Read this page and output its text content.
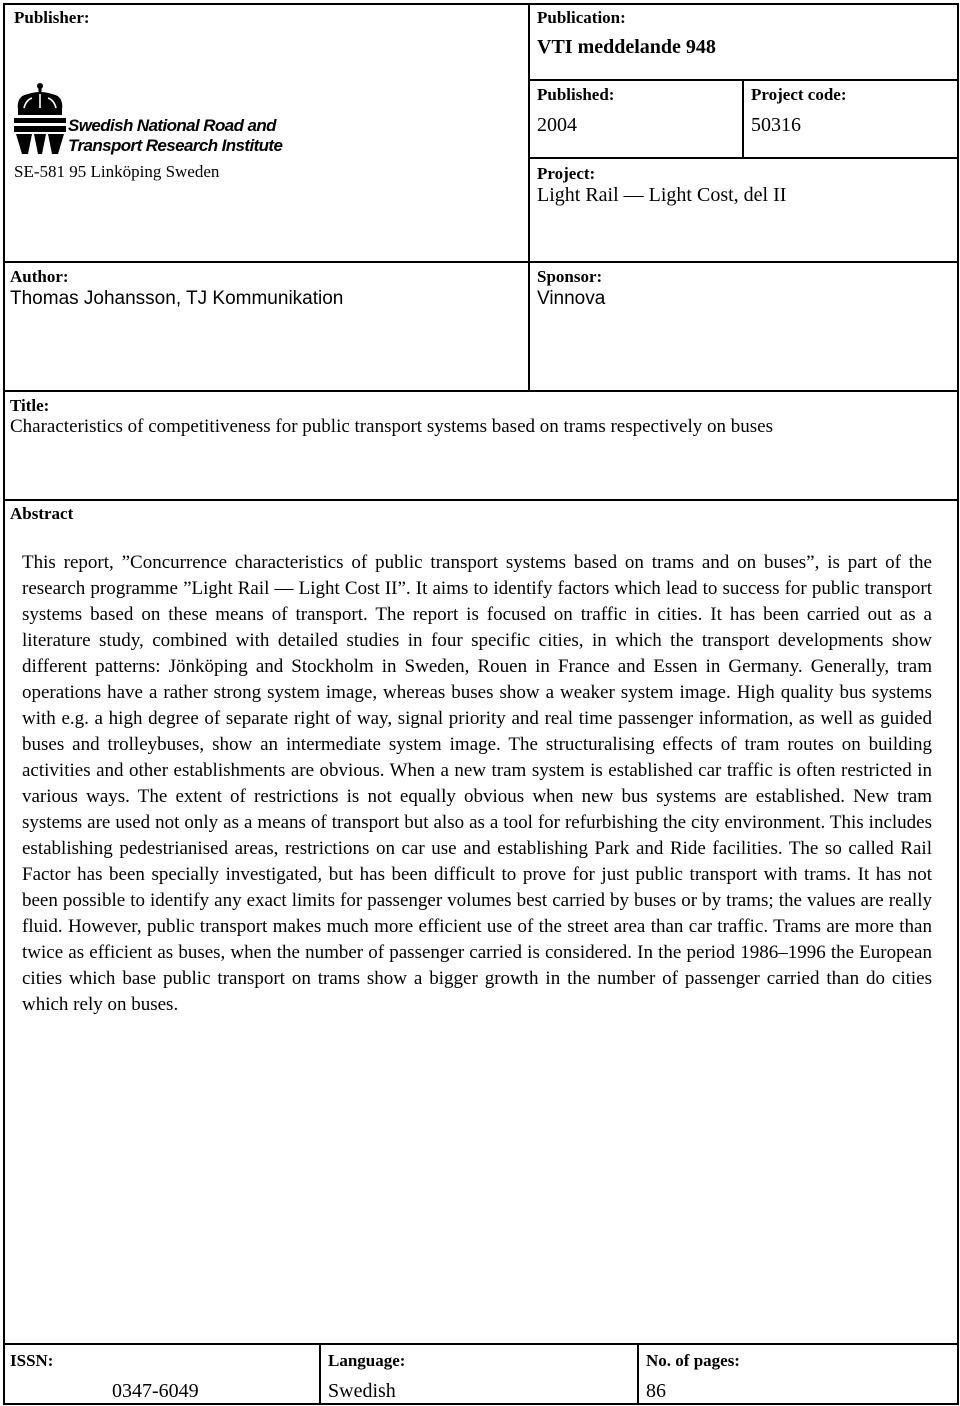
Publisher:
Swedish National Road and
Transport Research Institute
SE-581 95 Linköping Sweden
Publication:
VTI meddelande 948
Published:
2004
Project code:
50316
Project:
Light Rail — Light Cost, del II
Author:
Thomas Johansson, TJ Kommunikation
Sponsor:
Vinnova
Title:
Characteristics of competitiveness for public transport systems based on trams respectively on buses
Abstract

This report, ”Concurrence characteristics of public transport systems based on trams and on buses”, is part of the research programme ”Light Rail — Light Cost II”. It aims to identify factors which lead to success for public transport systems based on these means of transport. The report is focused on traffic in cities. It has been carried out as a literature study, combined with detailed studies in four specific cities, in which the transport developments show different patterns: Jönköping and Stockholm in Sweden, Rouen in France and Essen in Germany. Generally, tram operations have a rather strong system image, whereas buses show a weaker system image. High quality bus systems with e.g. a high degree of separate right of way, signal priority and real time passenger information, as well as guided buses and trolleybuses, show an intermediate system image. The structuralising effects of tram routes on building activities and other establishments are obvious. When a new tram system is established car traffic is often restricted in various ways. The extent of restrictions is not equally obvious when new bus systems are established. New tram systems are used not only as a means of transport but also as a tool for refurbishing the city environment. This includes establishing pedestrianised areas, restrictions on car use and establishing Park and Ride facilities. The so called Rail Factor has been specially investigated, but has been difficult to prove for just public transport with trams. It has not been possible to identify any exact limits for passenger volumes best carried by buses or by trams; the values are really fluid. However, public transport makes much more efficient use of the street area than car traffic. Trams are more than twice as efficient as buses, when the number of passenger carried is considered. In the period 1986–1996 the European cities which base public transport on trams show a bigger growth in the number of passenger carried than do cities which rely on buses.

ISSN:
0347-6049
Language:
Swedish
No. of pages:
86
